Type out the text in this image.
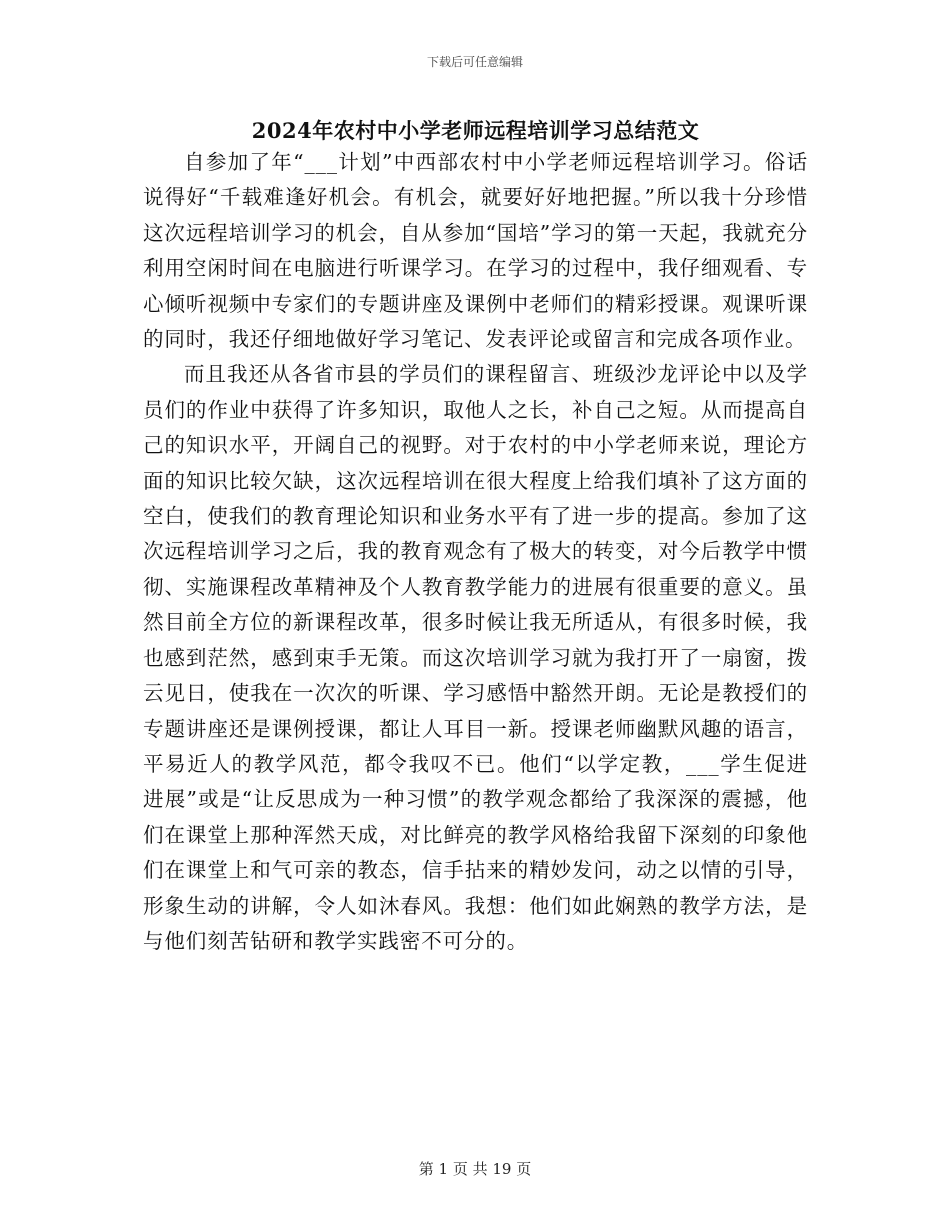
下载后可任意编辑
2024年农村中小学老师远程培训学习总结范文

自参加了年“___计划”中西部农村中小学老师远程培训学习。俗话说得好“千载难逢好机会。有机会，就要好好地把握。”所以我十分珍惜这次远程培训学习的机会，自从参加“国培”学习的第一天起，我就充分利用空闲时间在电脑进行听课学习。在学习的过程中，我仔细观看、专心倾听视频中专家们的专题讲座及课例中老师们的精彩授课。观课听课的同时，我还仔细地做好学习笔记、发表评论或留言和完成各项作业。

而且我还从各省市县的学员们的课程留言、班级沙龙评论中以及学员们的作业中获得了许多知识，取他人之长，补自己之短。从而提高自己的知识水平，开阔自己的视野。对于农村的中小学老师来说，理论方面的知识比较欠缺，这次远程培训在很大程度上给我们填补了这方面的空白，使我们的教育理论知识和业务水平有了进一步的提高。参加了这次远程培训学习之后，我的教育观念有了极大的转变，对今后教学中惯彻、实施课程改革精神及个人教育教学能力的进展有很重要的意义。虽然目前全方位的新课程改革，很多时候让我无所适从，有很多时候，我也感到茫然，感到束手无策。而这次培训学习就为我打开了一扇窗，拨云见日，使我在一次次的听课、学习感悟中豁然开朗。无论是教授们的专题讲座还是课例授课，都让人耳目一新。授课老师幽默风趣的语言，平易近人的教学风范，都令我叹不已。他们“以学定教，___学生促进进展”或是“让反思成为一种习惯”的教学观念都给了我深深的震撼，他们在课堂上那种浑然天成，对比鲜亮的教学风格给我留下深刻的印象他们在课堂上和气可亲的教态，信手拈来的精妙发问，动之以情的引导，形象生动的讲解，令人如沐春风。我想：他们如此娴熟的教学方法，是与他们刻苦钻研和教学实践密不可分的。

第 1 页 共 19 页
